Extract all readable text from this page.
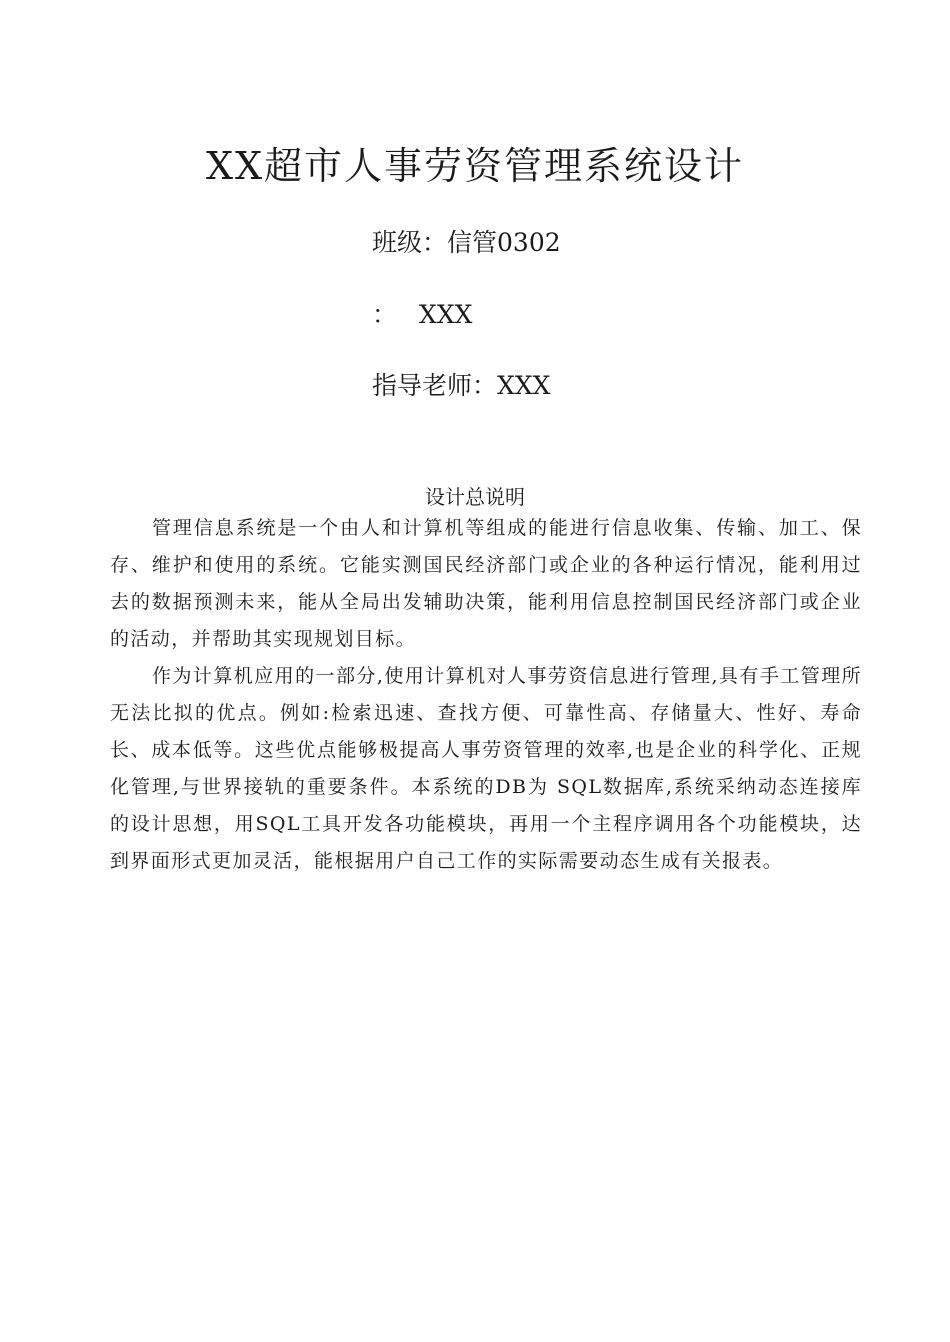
XX超市人事劳资管理系统设计
班级：信管0302
： XXX
指导老师：XXX
设计总说明

管理信息系统是一个由人和计算机等组成的能进行信息收集、传输、加工、保存、维护和使用的系统。它能实测国民经济部门或企业的各种运行情况，能利用过去的数据预测未来，能从全局出发辅助决策，能利用信息控制国民经济部门或企业的活动，并帮助其实现规划目标。

作为计算机应用的一部分,使用计算机对人事劳资信息进行管理,具有手工管理所无法比拟的优点。例如:检索迅速、查找方便、可靠性高、存储量大、性好、寿命长、成本低等。这些优点能够极提高人事劳资管理的效率,也是企业的科学化、正规化管理,与世界接轨的重要条件。本系统的DB为 SQL数据库,系统采纳动态连接库的设计思想，用SQL工具开发各功能模块，再用一个主程序调用各个功能模块，达到界面形式更加灵活，能根据用户自己工作的实际需要动态生成有关报表。
